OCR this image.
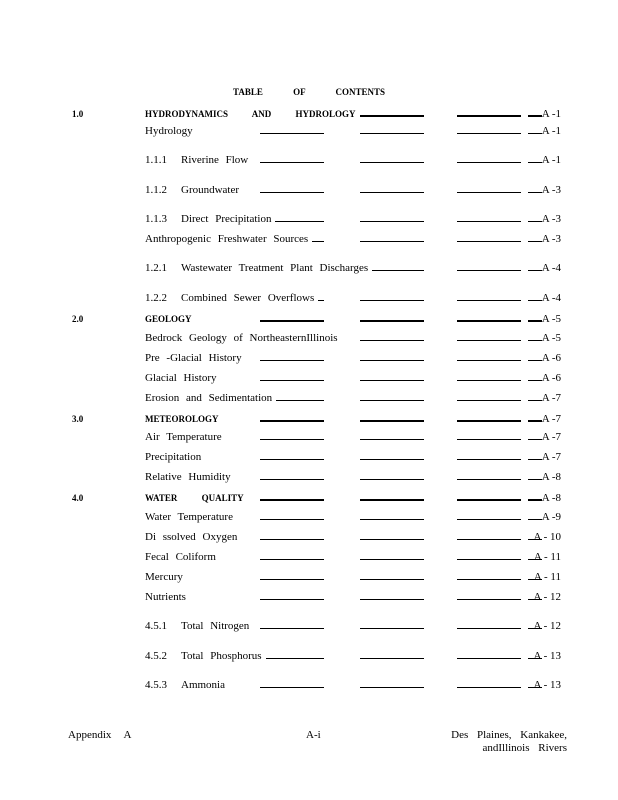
TABLE OF CONTENTS
1.0	HYDRODYNAMICS AND HYDROLOGY	A -1
Hydrology	A -1
1.1.1 Riverine Flow	A -1
1.1.2 Groundwater	A -3
1.1.3 Direct Precipitation	A -3
Anthropogenic Freshwater Sources	A -3
1.2.1 Wastewater Treatment Plant Discharges	A -4
1.2.2 Combined Sewer Overflows	A -4
2.0	GEOLOGY	A -5
Bedrock Geology of NortheasternIllinois	A -5
Pre -Glacial History	A -6
Glacial History	A -6
Erosion and Sedimentation	A -7
3.0	METEOROLOGY	A -7
Air Temperature	A -7
Precipitation	A -7
Relative Humidity	A -8
4.0	WATER QUALITY	A -8
Water Temperature	A -9
Di ssolved Oxygen	A - 10
Fecal Coliform	A - 11
Mercury	A - 11
Nutrients	A - 12
4.5.1 Total Nitrogen	A - 12
4.5.2 Total Phosphorus	A - 13
4.5.3 Ammonia	A - 13
Appendix A	A-i	Des Plaines, Kankakee,
andIllinois Rivers
